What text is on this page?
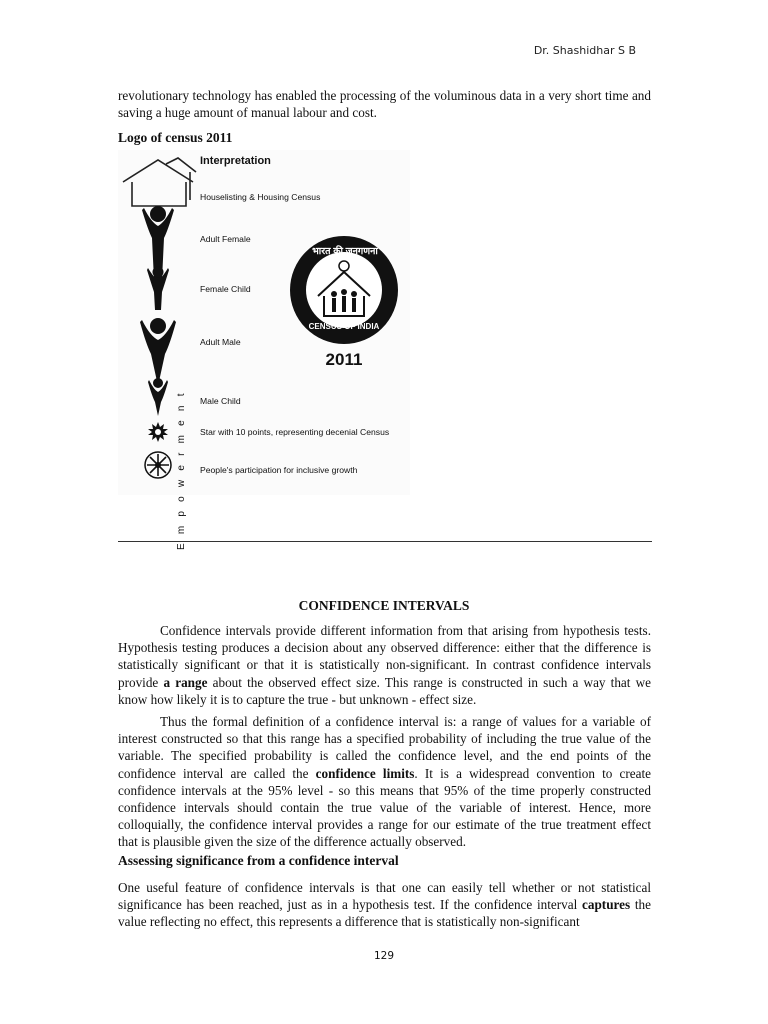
Dr. Shashidhar S B

revolutionary technology has enabled the processing of the voluminous data in a very short time and saving a huge amount of manual labour and cost.

Logo of census 2011
Interpretation
Houselisting & Housing Census
Adult Female
Female Child
Adult Male
Male Child
Star with 10 points, representing decenial Census
People's participation for inclusive growth
Empowerment
भारत की जनगणना
CENSUS OF INDIA
2011
CONFIDENCE INTERVALS

Confidence intervals provide different information from that arising from hypothesis tests. Hypothesis testing produces a decision about any observed difference: either that the difference is statistically significant or that it is statistically non-significant. In contrast confidence intervals provide a range about the observed effect size. This range is constructed in such a way that we know how likely it is to capture the true - but unknown - effect size.

Thus the formal definition of a confidence interval is: a range of values for a variable of interest constructed so that this range has a specified probability of including the true value of the variable. The specified probability is called the confidence level, and the end points of the confidence interval are called the confidence limits. It is a widespread convention to create confidence intervals at the 95% level - so this means that 95% of the time properly constructed confidence intervals should contain the true value of the variable of interest. Hence, more colloquially, the confidence interval provides a range for our estimate of the true treatment effect that is plausible given the size of the difference actually observed.

Assessing significance from a confidence interval

One useful feature of confidence intervals is that one can easily tell whether or not statistical significance has been reached, just as in a hypothesis test. If the confidence interval captures the value reflecting no effect, this represents a difference that is statistically non-significant

129
